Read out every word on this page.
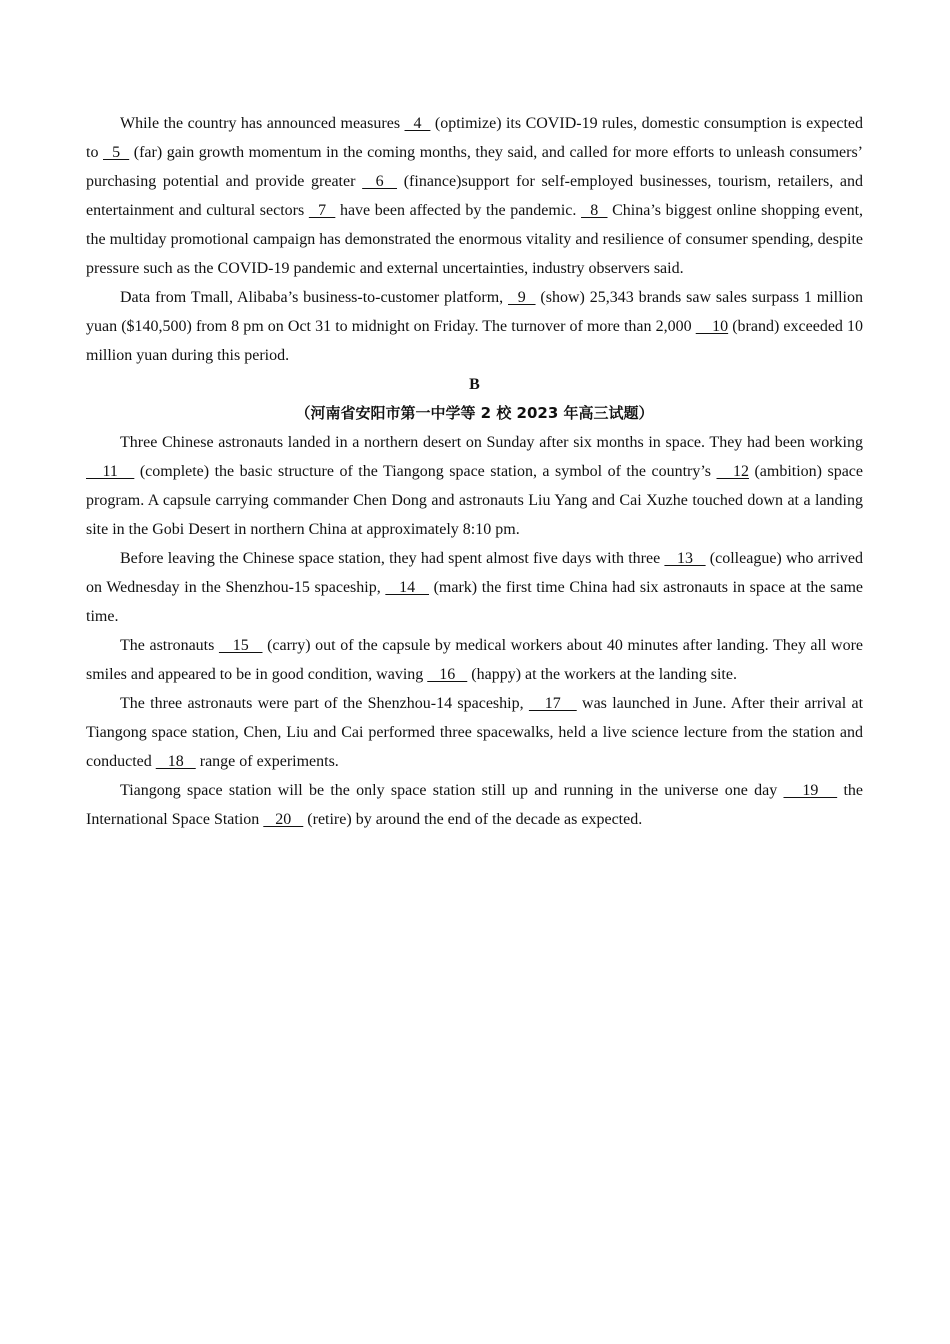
While the country has announced measures   4   (optimize) its COVID-19 rules, domestic consumption is expected to   5   (far) gain growth momentum in the coming months, they said, and called for more efforts to unleash consumers’ purchasing potential and provide greater   6   (finance)support for self-employed businesses, tourism, retailers, and entertainment and cultural sectors   7   have been affected by the pandemic.   8   China’s biggest online shopping event, the multiday promotional campaign has demonstrated the enormous vitality and resilience of consumer spending, despite pressure such as the COVID-19 pandemic and external uncertainties, industry observers said.

Data from Tmall, Alibaba’s business-to-customer platform,   9   (show) 25,343 brands saw sales surpass 1 million yuan ($140,500) from 8 pm on Oct 31 to midnight on Friday. The turnover of more than 2,000     10 (brand) exceeded 10 million yuan during this period.

B

（河南省安阳市第一中学等 2 校 2023 年高三试题）

Three Chinese astronauts landed in a northern desert on Sunday after six months in space. They had been working    11    (complete) the basic structure of the Tiangong space station, a symbol of the country’s    12 (ambition) space program. A capsule carrying commander Chen Dong and astronauts Liu Yang and Cai Xuzhe touched down at a landing site in the Gobi Desert in northern China at approximately 8:10 pm.

Before leaving the Chinese space station, they had spent almost five days with three    13    (colleague) who arrived on Wednesday in the Shenzhou-15 spaceship,    14    (mark) the first time China had six astronauts in space at the same time.

The astronauts    15    (carry) out of the capsule by medical workers about 40 minutes after landing. They all wore smiles and appeared to be in good condition, waving    16    (happy) at the workers at the landing site.

The three astronauts were part of the Shenzhou-14 spaceship,    17    was launched in June. After their arrival at Tiangong space station, Chen, Liu and Cai performed three spacewalks, held a live science lecture from the station and conducted    18    range of experiments.

Tiangong space station will be the only space station still up and running in the universe one day    19    the International Space Station    20    (retire) by around the end of the decade as expected.
